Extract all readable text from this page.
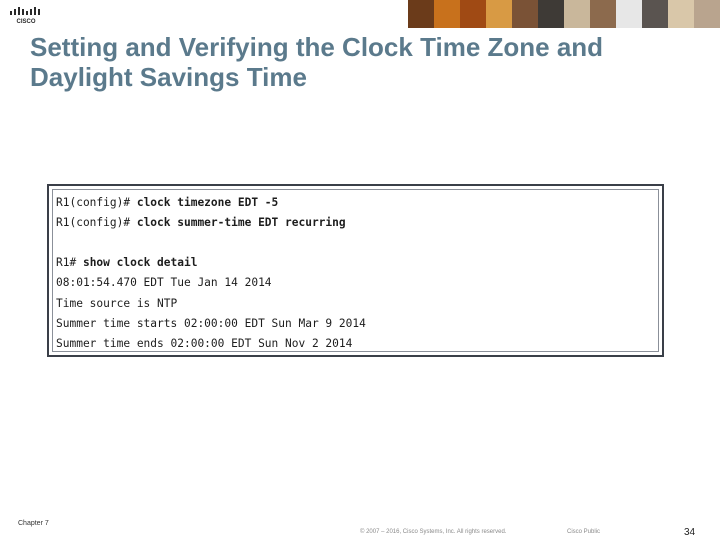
CISCO
Setting and Verifying the Clock Time Zone and
Daylight Savings Time
R1(config)# clock timezone EDT -5
R1(config)# clock summer-time EDT recurring
R1# show clock detail
08:01:54.470 EDT Tue Jan 14 2014
Time source is NTP
Summer time starts 02:00:00 EDT Sun Mar 9 2014
Summer time ends 02:00:00 EDT Sun Nov 2 2014
Chapter 7
© 2007 – 2016, Cisco Systems, Inc. All rights reserved.	Cisco Public	34
